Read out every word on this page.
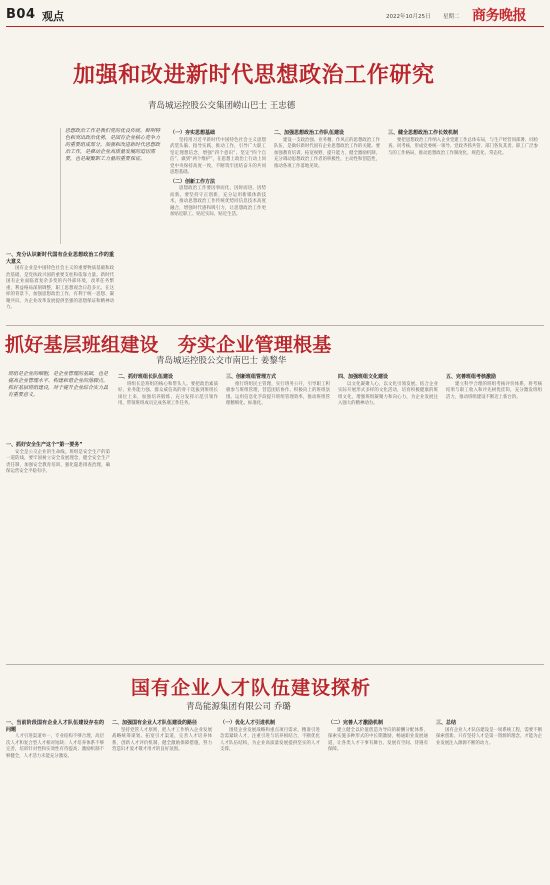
B04 观点	2022年10月25日 星期二 商务晚报
加强和改进新时代思想政治工作研究
青岛城运控股公交集团崂山巴士 王忠德
思想政治工作是我们党的优良传统、鲜明特色和突出政治优势，是国有企业核心竞争力的重要组成部分。加强和改进新时代思想政治工作，是推动企业高质量发展的迫切需要，也是凝聚职工力量的重要保证。
一、充分认识新时代国有企业思想政治工作的重大意义
国有企业是中国特色社会主义的重要物质基础和政治基础，是党执政兴国的重要支柱和依靠力量。新时代国有企业面临着复杂多变的内外部环境，改革任务繁重，利益格局深刻调整，职工思想观念日趋多元。在这样的背景下，加强思想政治工作，有利于统一思想、凝聚共识，为企业改革发展提供坚强的思想保证和精神动力。
（一）夯实思想基础
坚持用习近平新时代中国特色社会主义思想武装头脑、指导实践、推动工作，引导广大职工坚定理想信念，增强“四个意识”、坚定“四个自信”、做到“两个维护”，在思想上政治上行动上同党中央保持高度一致，不断筑牢团结奋斗的共同思想基础。
（二）创新工作方法
思想政治工作要因事而化、因时而进、因势而新。要坚持守正创新，充分运用新媒体新技术，推动思想政治工作传统优势同信息技术高度融合，增强时代感和吸引力，让思想政治工作更加贴近职工、贴近实际、贴近生活。
二、加强思想政治工作队伍建设
建设一支政治强、业务精、作风正的思想政治工作队伍，是做好新时代国有企业思想政治工作的关键。要加强教育培训，拓宽视野，提升能力，健全激励机制，充分调动思想政治工作者的积极性、主动性和创造性，推动各项工作落地见效。
三、健全思想政治工作长效机制
要把思想政治工作纳入企业党建工作总体布局，与生产经营同部署、同检查、同考核，形成党委统一领导、党政齐抓共管、部门各负其责、职工广泛参与的工作格局，推动思想政治工作制度化、规范化、常态化。
抓好基层班组建设　夯实企业管理根基
青岛城运控股公交市南巴士 姜黎华
班组是企业的细胞，是企业管理的基础，也是提高企业管理水平、构建和谐企业的落脚点。抓好基层班组建设，对于提升企业综合实力具有重要意义。
一、抓好安全生产这个“第一要务”
安全是公交企业的生命线。班组是安全生产的第一道防线，要牢固树立安全发展理念，健全安全生产责任制，加强安全教育培训，强化隐患排查治理，确保运营安全平稳有序。
二、抓好班组长队伍建设
班组长是班组的核心和带头人。要把政治素质好、业务能力强、群众威信高的骨干选拔到班组长岗位上来，加强培养锻炼，充分发挥示范引领作用，带领班组成员完成各项工作任务。
三、创新班组管理方式
推行班组民主管理，实行班务公开，引导职工积极参与班组管理，营造团结协作、积极向上的班组氛围。运用信息化手段提升班组管理效率，推动班组管理精细化、标准化。
四、加强班组文化建设
以文化凝聚人心，以文化引领发展。结合企业实际开展形式多样的文化活动，培育积极健康的班组文化，增强班组凝聚力和向心力，为企业发展注入强大的精神动力。
五、完善班组考核激励
建立科学合理的班组考核评价体系，将考核结果与职工收入和评先树优挂钩，充分激发班组活力，推动班组建设不断迈上新台阶。
国有企业人才队伍建设探析
青岛能源集团有限公司 乔璐
一、当前阶段国有企业人才队伍建设存在的问题
人才引进渠道单一，专业结构不够合理，高层次人才和复合型人才相对短缺；人才培养体系不够完善，培训针对性和实效性有待提高；激励机制不够健全，人才活力未能充分激发。
二、加强国有企业人才队伍建设的路径
坚持党管人才原则，把人才工作纳入企业发展战略统筹谋划。拓宽引才渠道，完善人才培养体系，创新人才评价机制，健全激励保障措施，努力营造识才爱才敬才用才的良好氛围。
（一）优化人才引进机制
围绕企业发展战略和重点项目需求，精准引进急需紧缺人才，注重引进与培养相结合，不断优化人才队伍结构，为企业高质量发展提供坚实的人才支撑。
（二）完善人才激励机制
建立健全以价值创造为导向的薪酬分配体系，探索实施多种形式的中长期激励，畅通职业发展通道，让各类人才干事有舞台、发展有空间、待遇有保障。
三、总结
国有企业人才队伍建设是一项系统工程，需要不断探索创新。只有坚持人才是第一资源的理念，才能为企业发展注入源源不断的动力。
